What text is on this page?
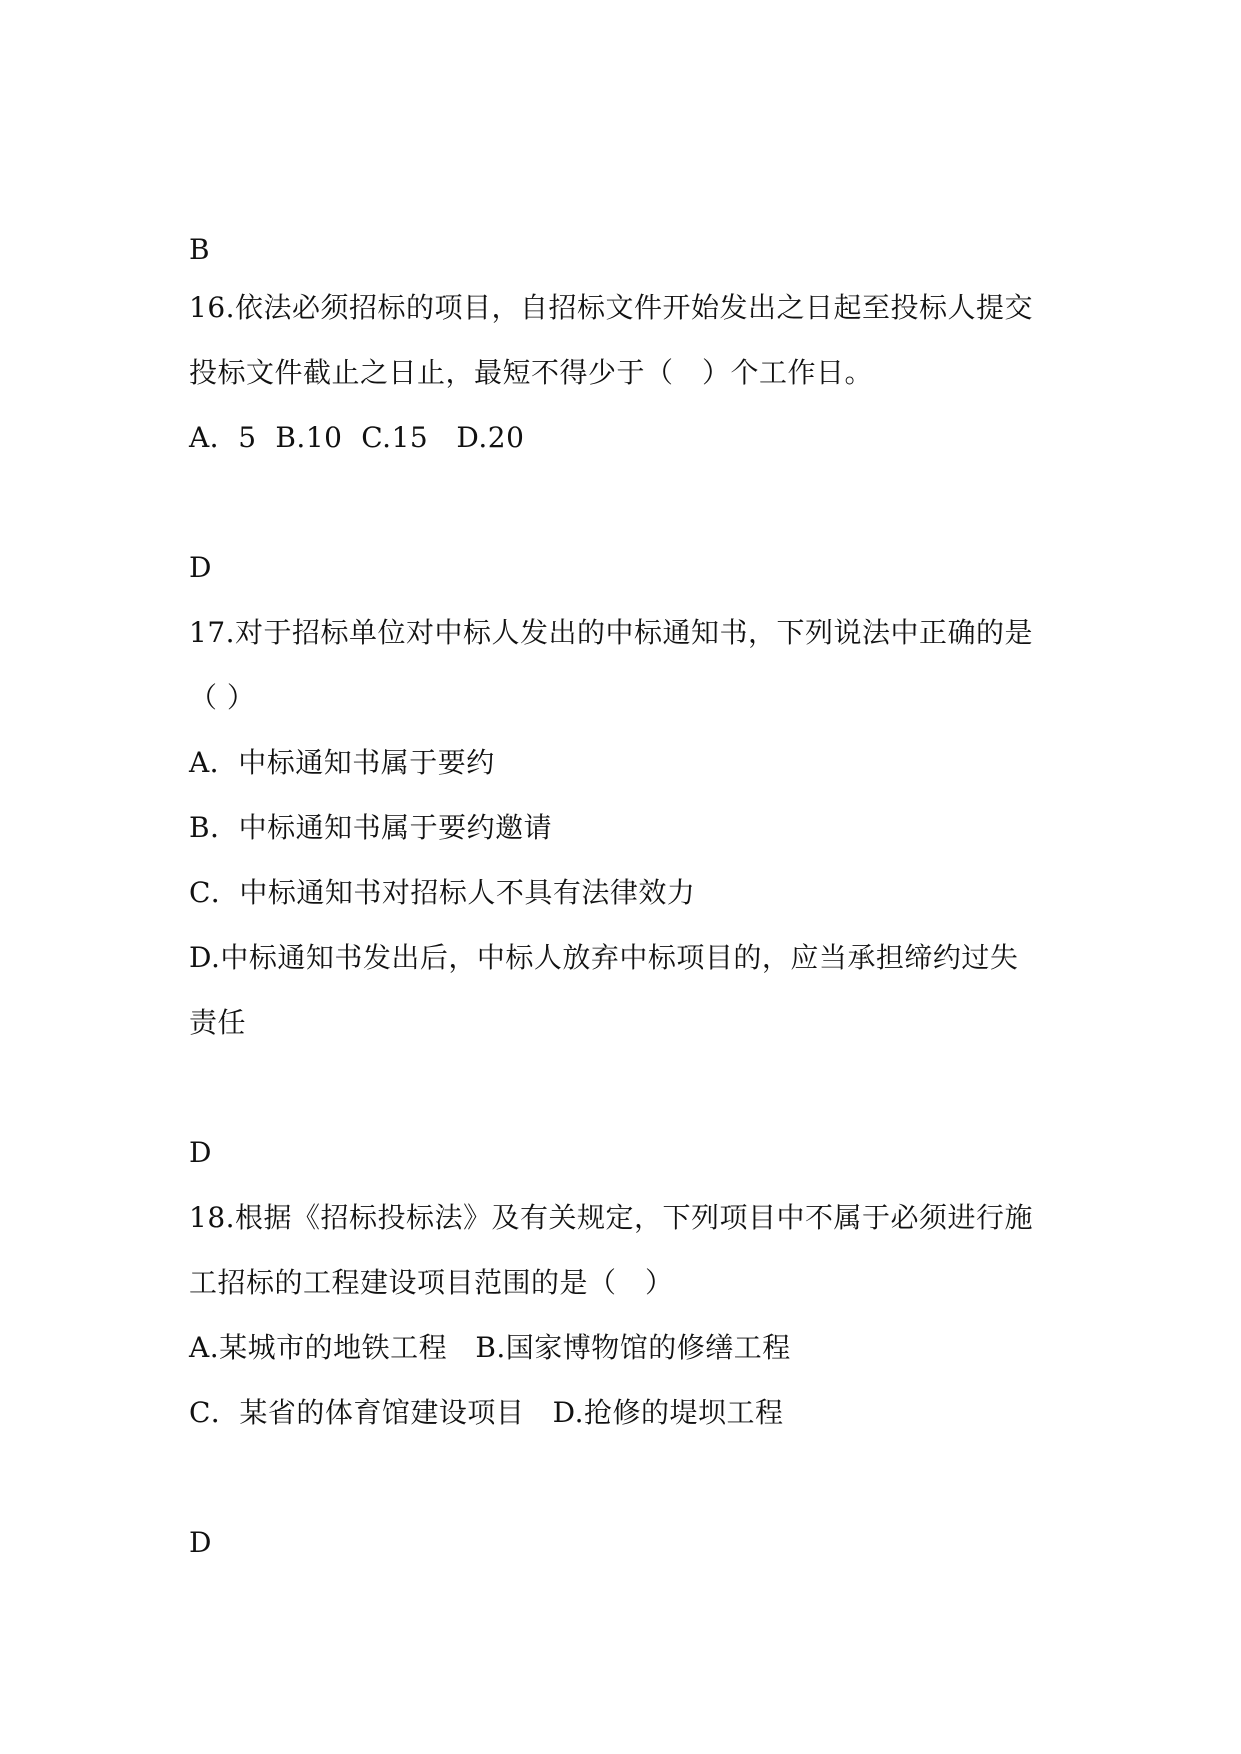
B
16.依法必须招标的项目，自招标文件开始发出之日起至投标人提交
投标文件截止之日止，最短不得少于（　）个工作日。
A．5  B.10  C.15   D.20
D
17.对于招标单位对中标人发出的中标通知书，下列说法中正确的是
（ ）
A．中标通知书属于要约
B．中标通知书属于要约邀请
C．中标通知书对招标人不具有法律效力
D.中标通知书发出后，中标人放弃中标项目的，应当承担缔约过失
责任
D
18.根据《招标投标法》及有关规定，下列项目中不属于必须进行施
工招标的工程建设项目范围的是（　）
A.某城市的地铁工程   B.国家博物馆的修缮工程
C．某省的体育馆建设项目   D.抢修的堤坝工程
D
